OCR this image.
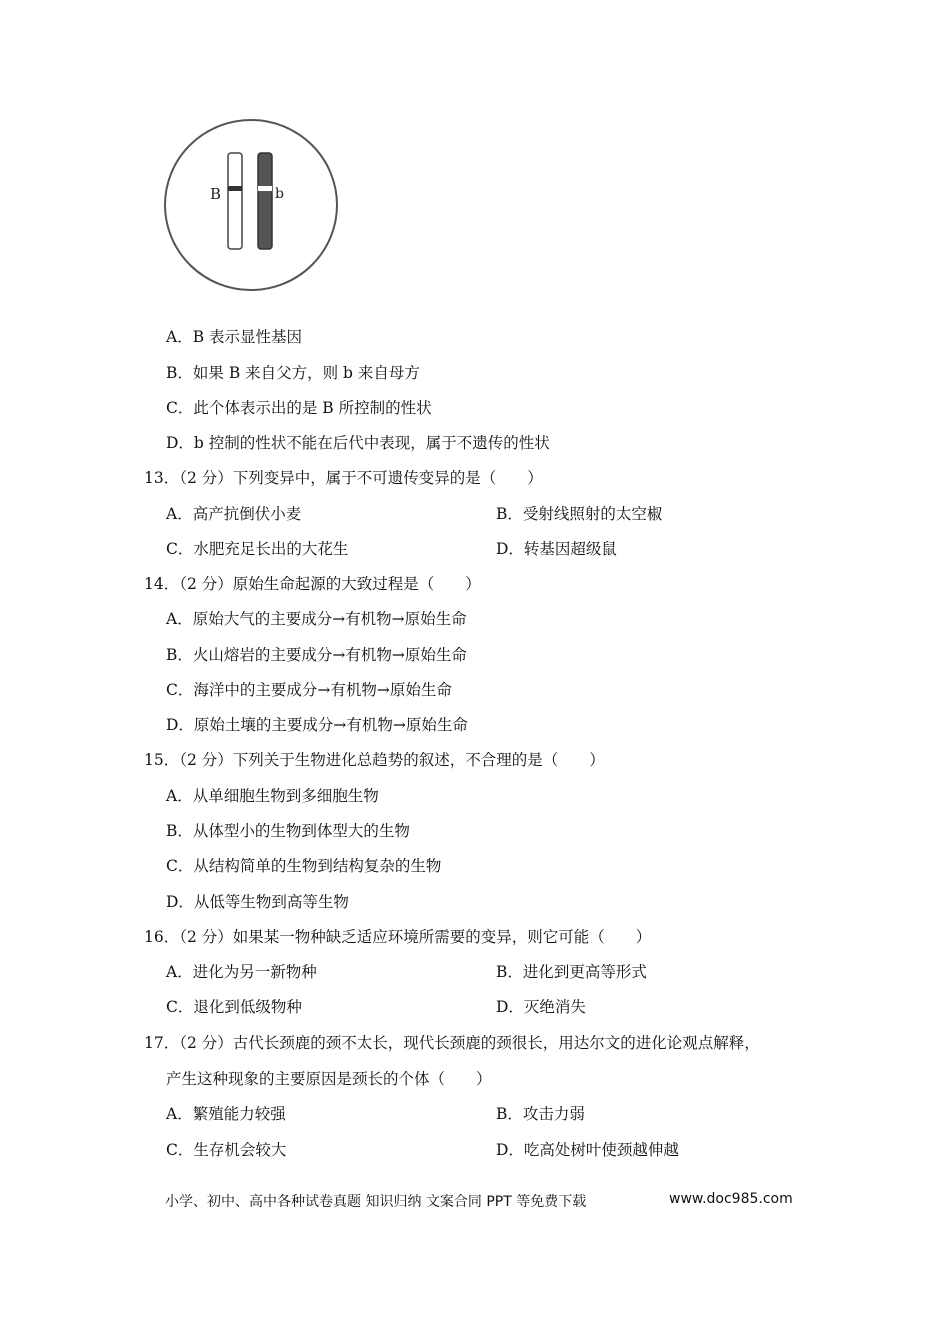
B	b
A．B 表示显性基因
B．如果 B 来自父方，则 b 来自母方
C．此个体表示出的是 B 所控制的性状
D．b 控制的性状不能在后代中表现，属于不遗传的性状
13．（2 分）下列变异中，属于不可遗传变异的是（　　）
A．高产抗倒伏小麦	B．受射线照射的太空椒
C．水肥充足长出的大花生	D．转基因超级鼠
14．（2 分）原始生命起源的大致过程是（　　）
A．原始大气的主要成分→有机物→原始生命
B．火山熔岩的主要成分→有机物→原始生命
C．海洋中的主要成分→有机物→原始生命
D．原始土壤的主要成分→有机物→原始生命
15．（2 分）下列关于生物进化总趋势的叙述，不合理的是（　　）
A．从单细胞生物到多细胞生物
B．从体型小的生物到体型大的生物
C．从结构简单的生物到结构复杂的生物
D．从低等生物到高等生物
16．（2 分）如果某一物种缺乏适应环境所需要的变异，则它可能（　　）
A．进化为另一新物种	B．进化到更高等形式
C．退化到低级物种	D．灭绝消失
17．（2 分）古代长颈鹿的颈不太长，现代长颈鹿的颈很长，用达尔文的进化论观点解释，
产生这种现象的主要原因是颈长的个体（　　）
A．繁殖能力较强	B．攻击力弱
C．生存机会较大	D．吃高处树叶使颈越伸越
小学、初中、高中各种试卷真题 知识归纳 文案合同 PPT 等免费下载	www.doc985.com
